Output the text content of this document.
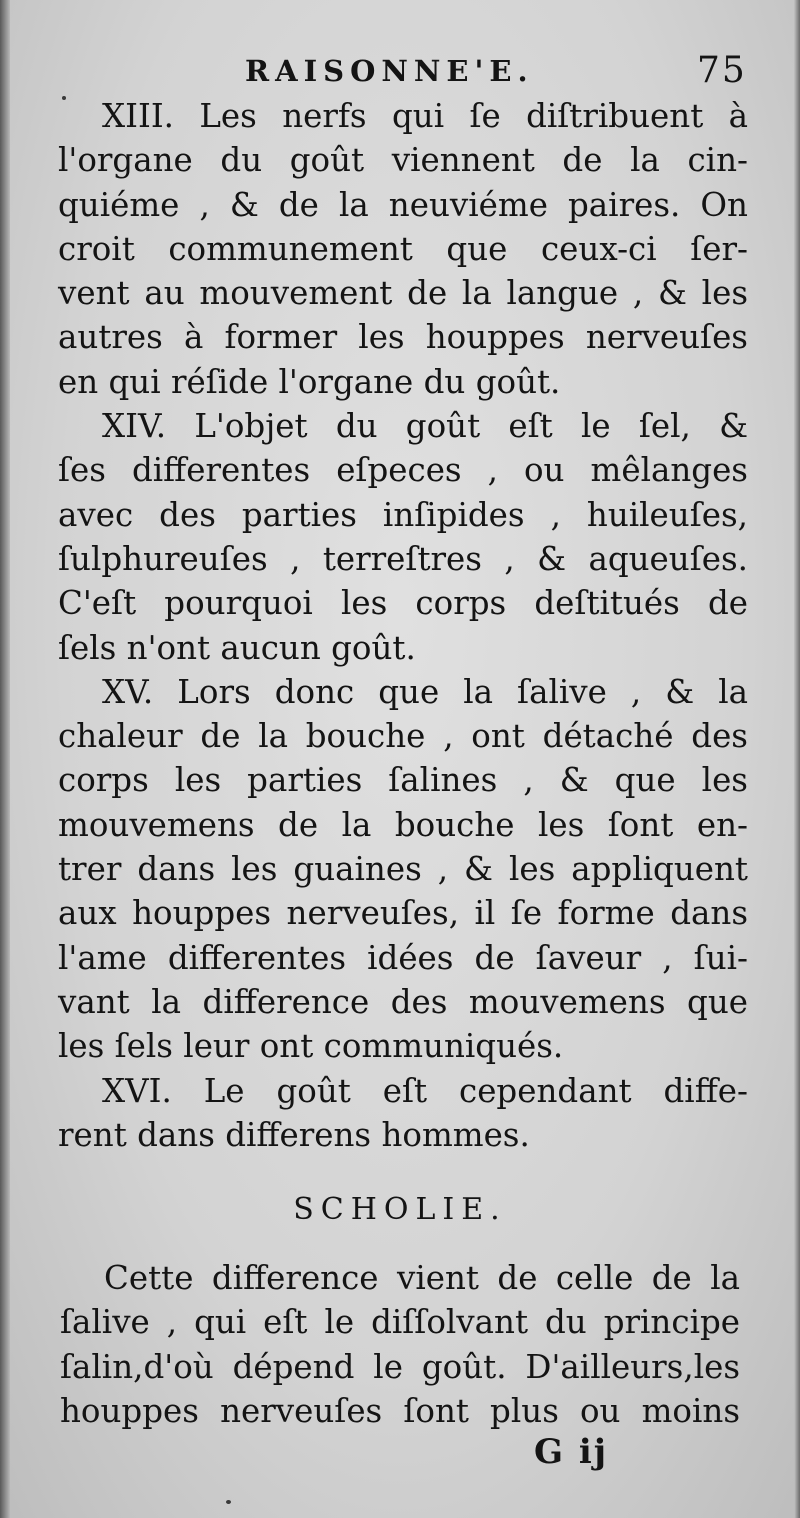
RAISONNE'E.	75
XIII. Les nerfs qui ſe diſtribuent à
l'organe du goût viennent de la cin-
quiéme , & de la neuviéme paires. On
croit communement que ceux-ci ſer-
vent au mouvement de la langue , & les
autres à former les houppes nerveuſes
en qui réſide l'organe du goût.
XIV. L'objet du goût eſt le ſel, &
ſes differentes eſpeces , ou mêlanges
avec des parties inſipides , huileuſes,
ſulphureuſes , terreſtres , & aqueuſes.
C'eſt pourquoi les corps deſtitués de
ſels n'ont aucun goût.
XV. Lors donc que la ſalive , & la
chaleur de la bouche , ont détaché des
corps les parties ſalines , & que les
mouvemens de la bouche les ſont en-
trer dans les guaines , & les appliquent
aux houppes nerveuſes, il ſe forme dans
l'ame differentes idées de ſaveur , ſui-
vant la difference des mouvemens que
les ſels leur ont communiqués.
XVI. Le goût eſt cependant diffe-
rent dans differens hommes.
SCHOLIE.
Cette difference vient de celle de la
ſalive , qui eſt le diſſolvant du principe
ſalin,d'où dépend le goût. D'ailleurs,les
houppes nerveuſes ſont plus ou moins
G ij
